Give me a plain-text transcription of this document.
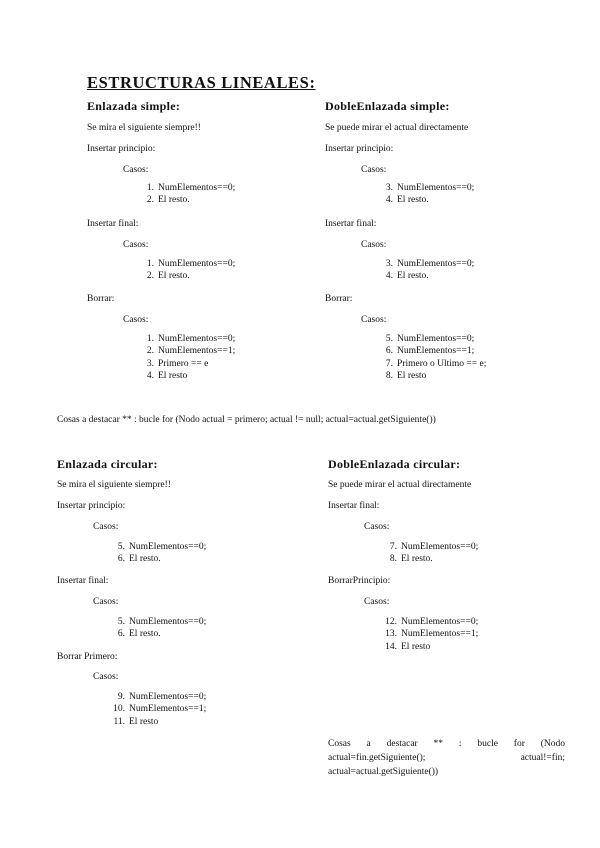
ESTRUCTURAS LINEALES:
Enlazada simple:
Se mira el siguiente siempre!!
Insertar principio:
Casos:
1. NumElementos==0;
2. El resto.
Insertar final:
Casos:
1. NumElementos==0;
2. El resto.
Borrar:
Casos:
1. NumElementos==0;
2. NumElementos==1;
3. Primero == e
4. El resto
DobleEnlazada simple:
Se puede mirar el actual directamente
Insertar principio:
Casos:
3. NumElementos==0;
4. El resto.
Insertar final:
Casos:
3. NumElementos==0;
4. El resto.
Borrar:
Casos:
5. NumElementos==0;
6. NumElementos==1;
7. Primero o Ultimo == e;
8. El resto
Cosas a destacar ** : bucle for (Nodo actual = primero; actual != null; actual=actual.getSiguiente())
Enlazada circular:
Se mira el siguiente siempre!!
Insertar principio:
Casos:
5. NumElementos==0;
6. El resto.
Insertar final:
Casos:
5. NumElementos==0;
6. El resto.
Borrar Primero:
Casos:
9. NumElementos==0;
10. NumElementos==1;
11. El resto
DobleEnlazada circular:
Se puede mirar el actual directamente
Insertar final:
Casos:
7. NumElementos==0;
8. El resto.
BorrarPrincipio:
Casos:
12. NumElementos==0;
13. NumElementos==1;
14. El resto
Cosas a destacar ** : bucle for (Nodo actual=fin.getSiguiente(); actual!=fin; actual=actual.getSiguiente())
